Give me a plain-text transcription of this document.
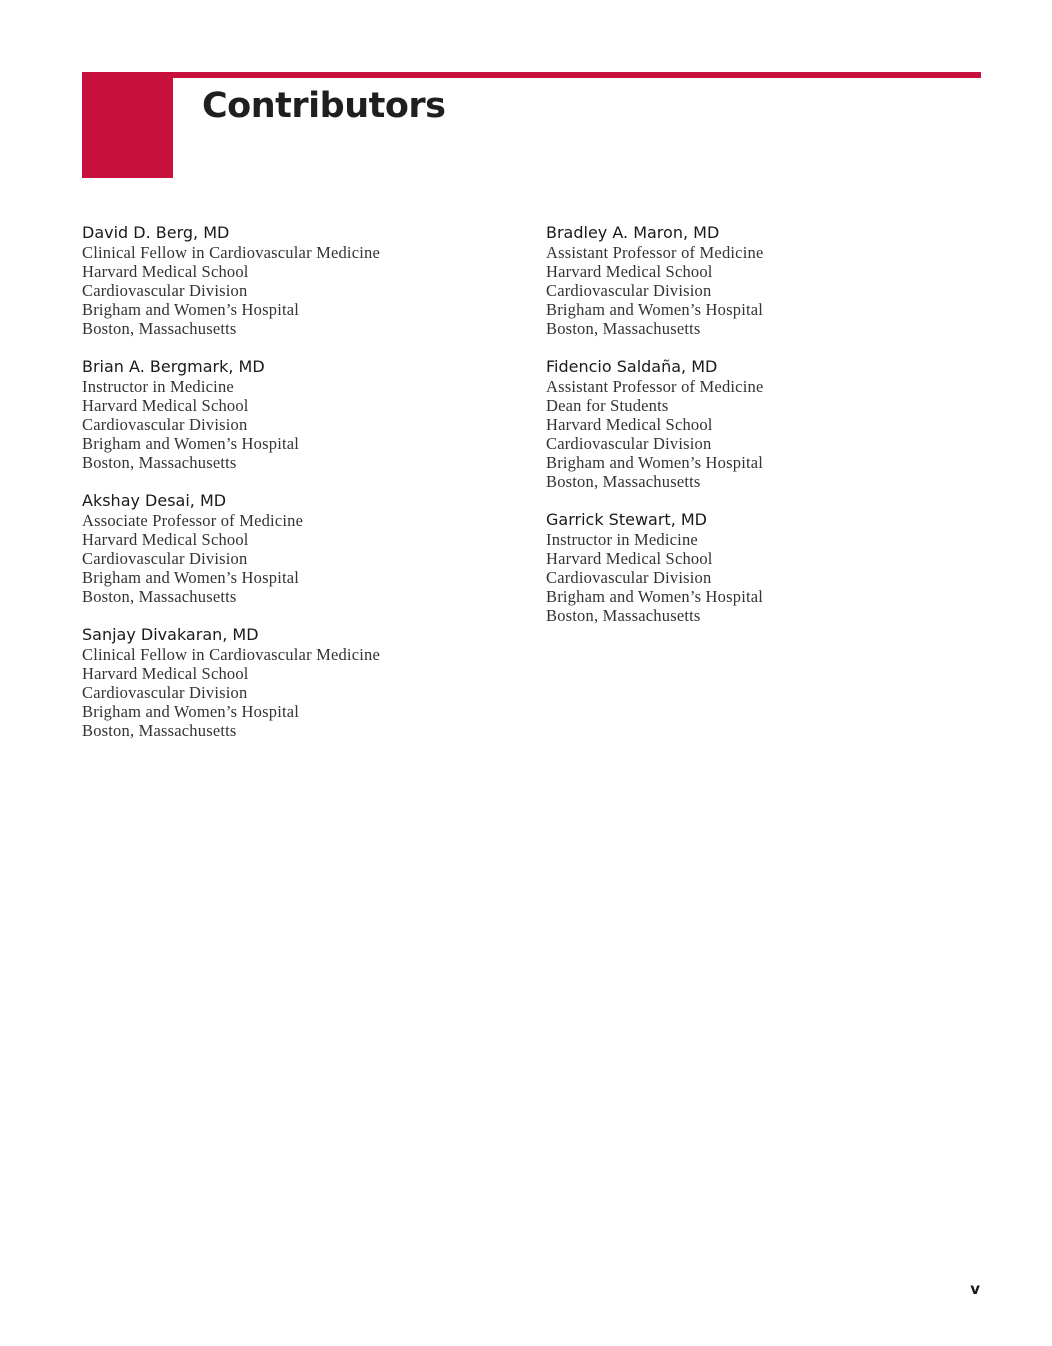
Contributors
David D. Berg, MD
Clinical Fellow in Cardiovascular Medicine
Harvard Medical School
Cardiovascular Division
Brigham and Women’s Hospital
Boston, Massachusetts
Brian A. Bergmark, MD
Instructor in Medicine
Harvard Medical School
Cardiovascular Division
Brigham and Women’s Hospital
Boston, Massachusetts
Akshay Desai, MD
Associate Professor of Medicine
Harvard Medical School
Cardiovascular Division
Brigham and Women’s Hospital
Boston, Massachusetts
Sanjay Divakaran, MD
Clinical Fellow in Cardiovascular Medicine
Harvard Medical School
Cardiovascular Division
Brigham and Women’s Hospital
Boston, Massachusetts
Bradley A. Maron, MD
Assistant Professor of Medicine
Harvard Medical School
Cardiovascular Division
Brigham and Women’s Hospital
Boston, Massachusetts
Fidencio Saldaña, MD
Assistant Professor of Medicine
Dean for Students
Harvard Medical School
Cardiovascular Division
Brigham and Women’s Hospital
Boston, Massachusetts
Garrick Stewart, MD
Instructor in Medicine
Harvard Medical School
Cardiovascular Division
Brigham and Women’s Hospital
Boston, Massachusetts
v
